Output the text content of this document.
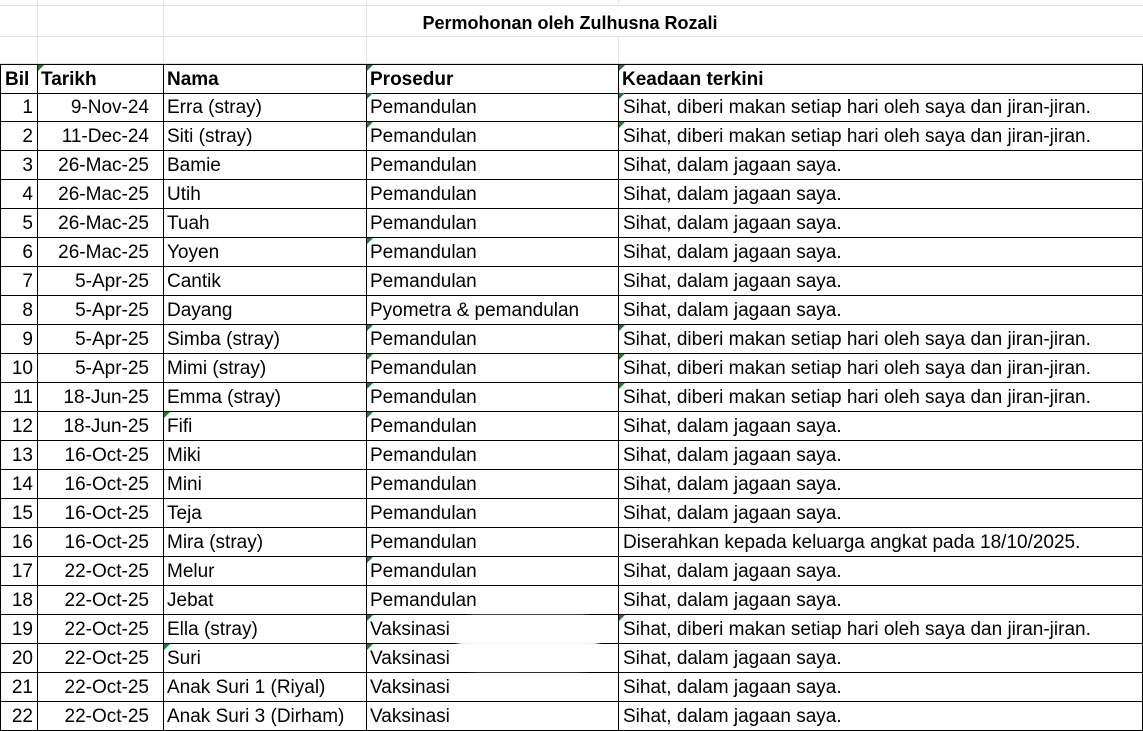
Permohonan oleh Zulhusna Rozali
Bil Tarikh	Nama	Prosedur	Keadaan terkini
1	9-Nov-24 Erra (stray)	Pemandulan	Sihat, diberi makan setiap hari oleh saya dan jiran-jiran.
2	11-Dec-24 Siti (stray)	Pemandulan	Sihat, diberi makan setiap hari oleh saya dan jiran-jiran.
3	26-Mac-25 Bamie	Pemandulan	Sihat, dalam jagaan saya.
4	26-Mac-25 Utih	Pemandulan	Sihat, dalam jagaan saya.
5	26-Mac-25 Tuah	Pemandulan	Sihat, dalam jagaan saya.
6	26-Mac-25 Yoyen	Pemandulan	Sihat, dalam jagaan saya.
7	5-Apr-25 Cantik	Pemandulan	Sihat, dalam jagaan saya.
8	5-Apr-25 Dayang	Pyometra & pemandulan	Sihat, dalam jagaan saya.
9	5-Apr-25 Simba (stray)	Pemandulan	Sihat, diberi makan setiap hari oleh saya dan jiran-jiran.
10	5-Apr-25 Mimi (stray)	Pemandulan	Sihat, diberi makan setiap hari oleh saya dan jiran-jiran.
11	18-Jun-25 Emma (stray)	Pemandulan	Sihat, diberi makan setiap hari oleh saya dan jiran-jiran.
12	18-Jun-25 Fifi	Pemandulan	Sihat, dalam jagaan saya.
13	16-Oct-25 Miki	Pemandulan	Sihat, dalam jagaan saya.
14	16-Oct-25 Mini	Pemandulan	Sihat, dalam jagaan saya.
15	16-Oct-25 Teja	Pemandulan	Sihat, dalam jagaan saya.
16	16-Oct-25 Mira (stray)	Pemandulan	Diserahkan kepada keluarga angkat pada 18/10/2025.
17	22-Oct-25 Melur	Pemandulan	Sihat, dalam jagaan saya.
18	22-Oct-25 Jebat	Pemandulan	Sihat, dalam jagaan saya.
19	22-Oct-25 Ella (stray)	Vaksinasi	Sihat, diberi makan setiap hari oleh saya dan jiran-jiran.
20	22-Oct-25 Suri	Vaksinasi	Sihat, dalam jagaan saya.
21	22-Oct-25 Anak Suri 1 (Riyal)	Vaksinasi	Sihat, dalam jagaan saya.
22	22-Oct-25 Anak Suri 3 (Dirham)	Vaksinasi	Sihat, dalam jagaan saya.
